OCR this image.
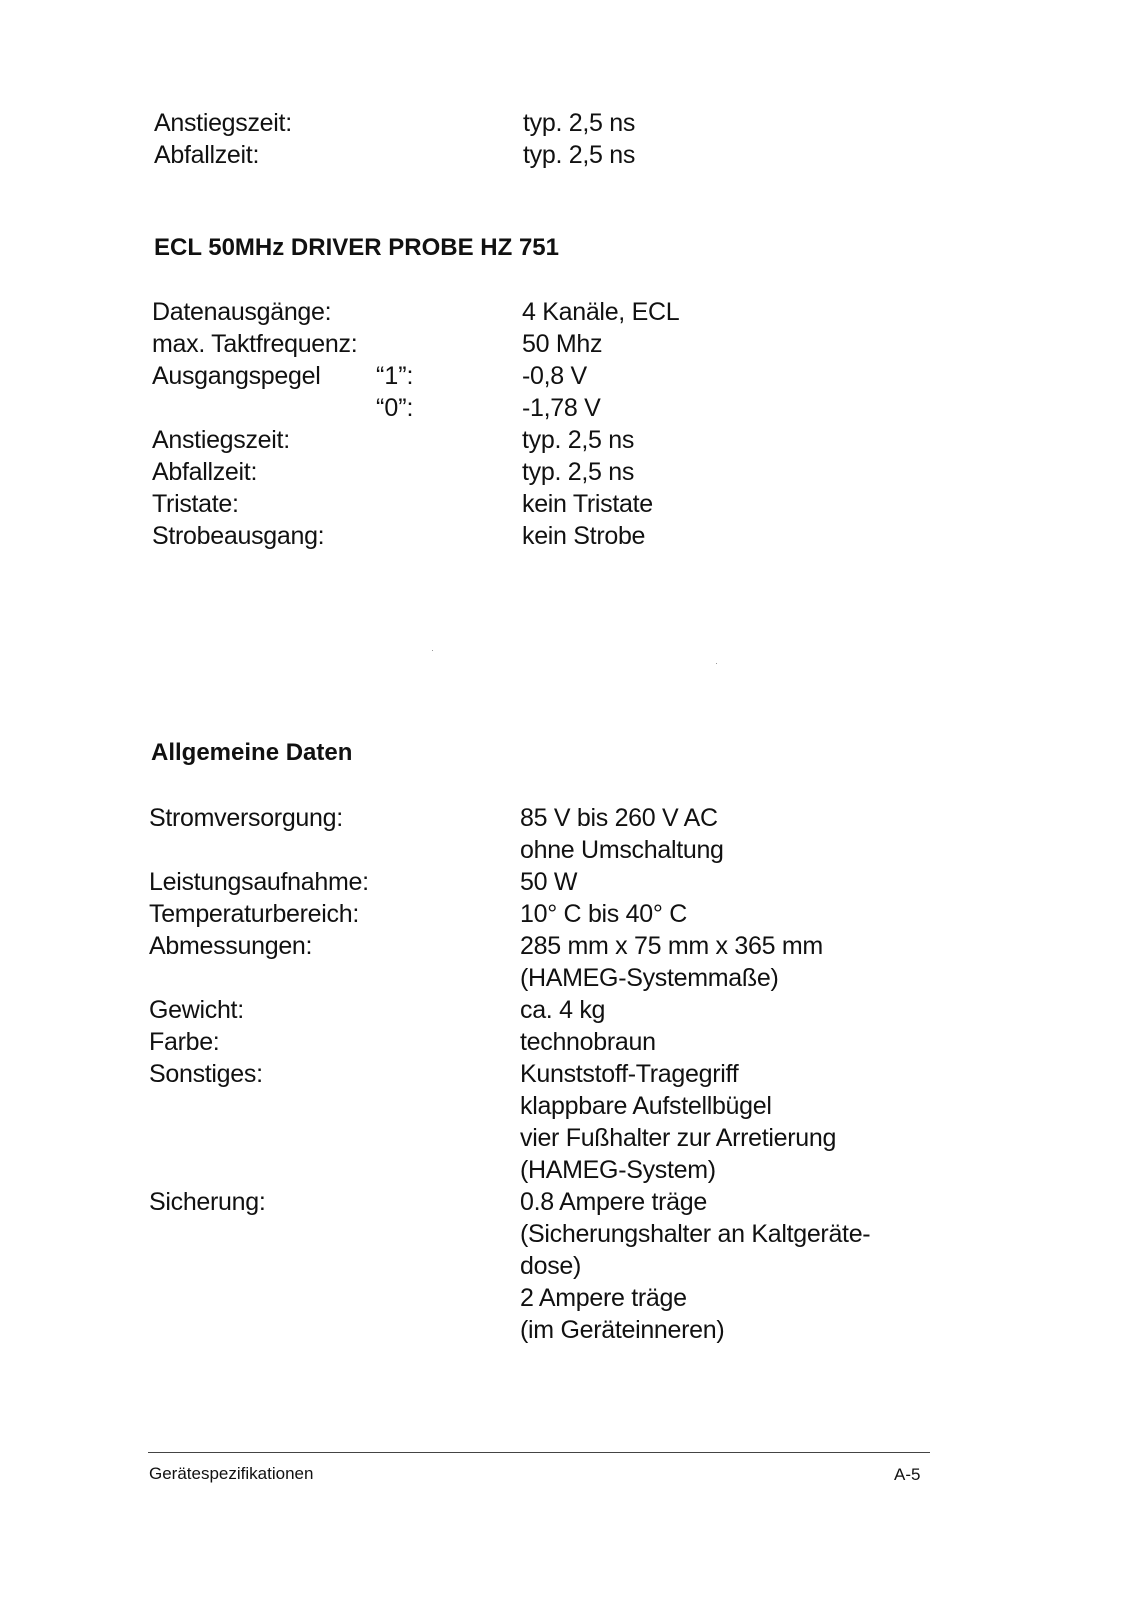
Anstiegszeit:	typ. 2,5 ns
Abfallzeit:	typ. 2,5 ns
ECL 50MHz DRIVER PROBE HZ 751
Datenausgänge:	4 Kanäle, ECL
max. Taktfrequenz:	50 Mhz
Ausgangspegel “1”:	-0,8 V
“0”:	-1,78 V
Anstiegszeit:	typ. 2,5 ns
Abfallzeit:	typ. 2,5 ns
Tristate:	kein Tristate
Strobeausgang:	kein Strobe
Allgemeine Daten
Stromversorgung:	85 V bis 260 V AC
ohne Umschaltung
Leistungsaufnahme:	50 W
Temperaturbereich:	10° C bis 40° C
Abmessungen:	285 mm x 75 mm x 365 mm
(HAMEG-Systemmaße)
Gewicht:	ca. 4 kg
Farbe:	technobraun
Sonstiges:	Kunststoff-Tragegriff
klappbare Aufstellbügel
vier Fußhalter zur Arretierung
(HAMEG-System)
Sicherung:	0.8 Ampere träge
(Sicherungshalter an Kaltgeräte-
dose)
2 Ampere träge
(im Geräteinneren)
Gerätespezifikationen	A-5
